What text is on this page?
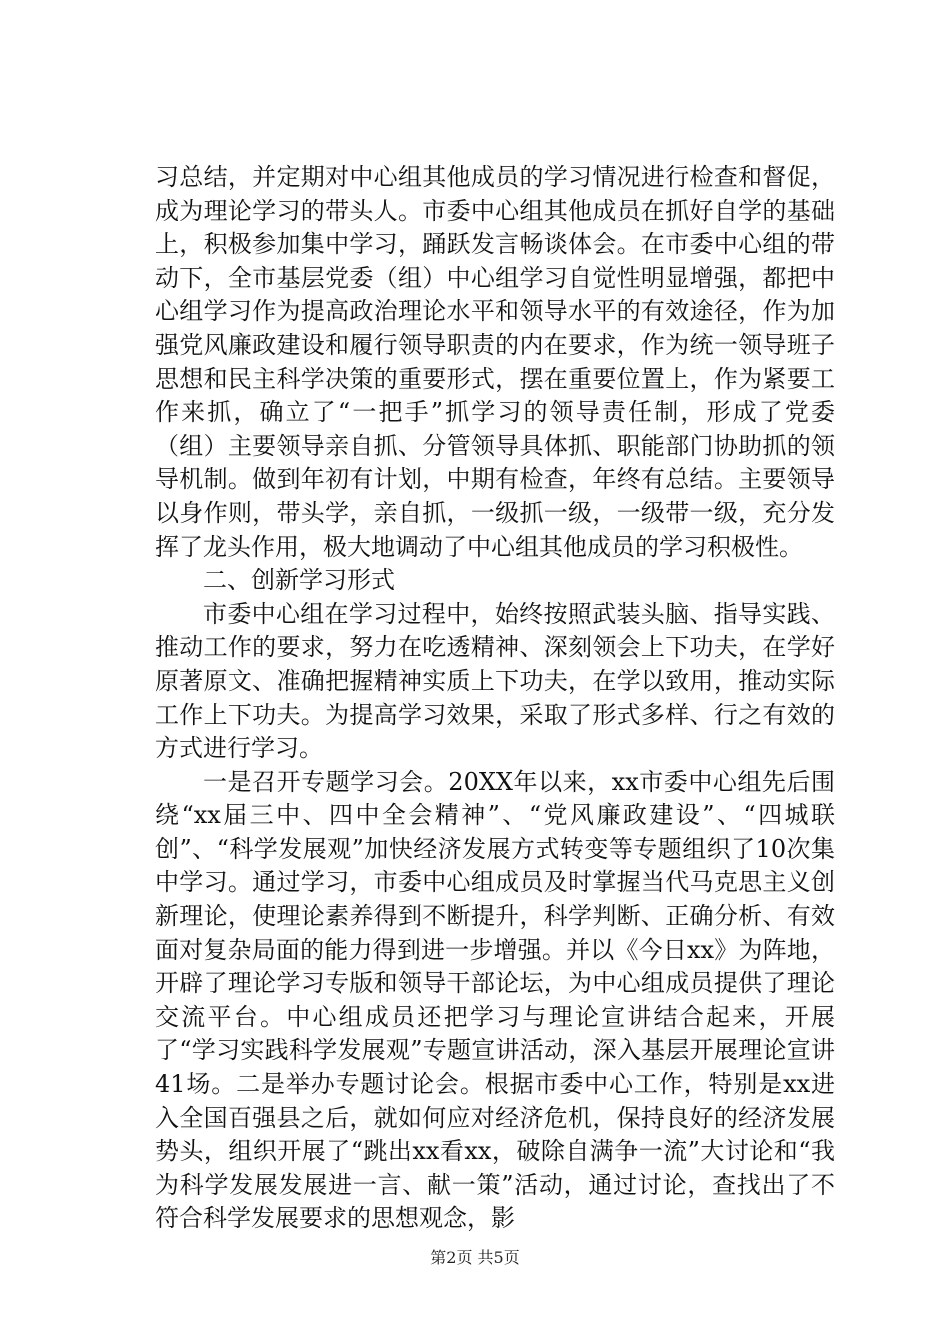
习总结，并定期对中心组其他成员的学习情况进行检查和督促，成为理论学习的带头人。市委中心组其他成员在抓好自学的基础上，积极参加集中学习，踊跃发言畅谈体会。在市委中心组的带动下，全市基层党委（组）中心组学习自觉性明显增强，都把中心组学习作为提高政治理论水平和领导水平的有效途径，作为加强党风廉政建设和履行领导职责的内在要求，作为统一领导班子思想和民主科学决策的重要形式，摆在重要位置上，作为紧要工作来抓，确立了“一把手”抓学习的领导责任制，形成了党委（组）主要领导亲自抓、分管领导具体抓、职能部门协助抓的领导机制。做到年初有计划，中期有检查，年终有总结。主要领导以身作则，带头学，亲自抓，一级抓一级，一级带一级，充分发挥了龙头作用，极大地调动了中心组其他成员的学习积极性。

二、创新学习形式

市委中心组在学习过程中，始终按照武装头脑、指导实践、推动工作的要求，努力在吃透精神、深刻领会上下功夫，在学好原著原文、准确把握精神实质上下功夫，在学以致用，推动实际工作上下功夫。为提高学习效果，采取了形式多样、行之有效的方式进行学习。

一是召开专题学习会。20XX年以来，xx市委中心组先后围绕“xx届三中、四中全会精神”、“党风廉政建设”、“四城联创”、“科学发展观”加快经济发展方式转变等专题组织了10次集中学习。通过学习，市委中心组成员及时掌握当代马克思主义创新理论，使理论素养得到不断提升，科学判断、正确分析、有效面对复杂局面的能力得到进一步增强。并以《今日xx》为阵地，开辟了理论学习专版和领导干部论坛，为中心组成员提供了理论交流平台。中心组成员还把学习与理论宣讲结合起来，开展了“学习实践科学发展观”专题宣讲活动，深入基层开展理论宣讲41场。二是举办专题讨论会。根据市委中心工作，特别是xx进入全国百强县之后，就如何应对经济危机，保持良好的经济发展势头，组织开展了“跳出xx看xx，破除自满争一流”大讨论和“我为科学发展发展进一言、献一策”活动，通过讨论，查找出了不符合科学发展要求的思想观念，影

第2页 共5页
